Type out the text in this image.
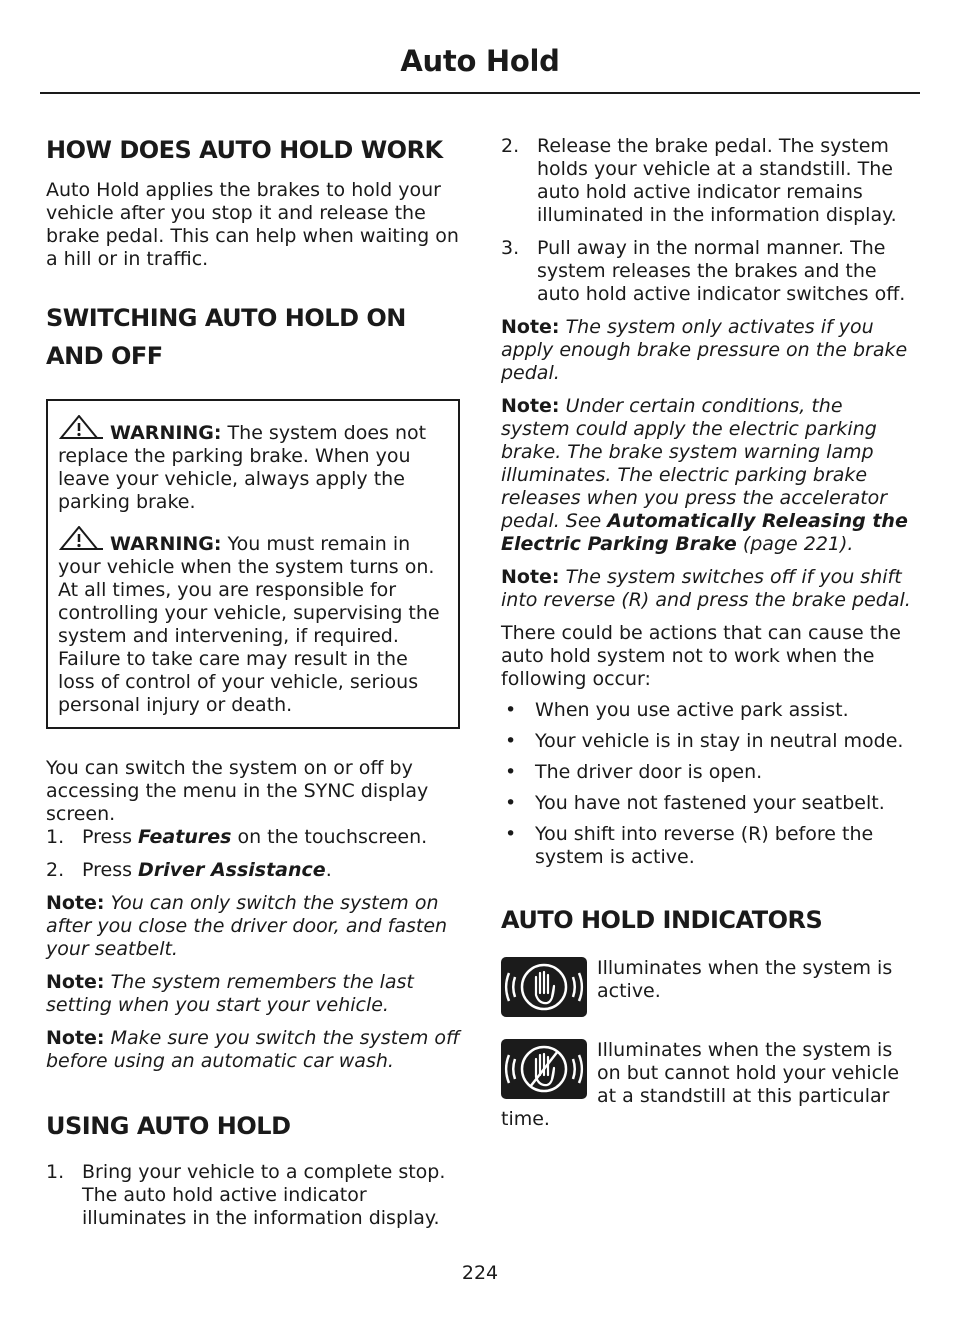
Auto Hold
HOW DOES AUTO HOLD WORK

Auto Hold applies the brakes to hold your vehicle after you stop it and release the brake pedal. This can help when waiting on a hill or in traffic.

SWITCHING AUTO HOLD ON
AND OFF

WARNING: The system does not replace the parking brake. When you leave your vehicle, always apply the parking brake.

WARNING: You must remain in your vehicle when the system turns on. At all times, you are responsible for controlling your vehicle, supervising the system and intervening, if required. Failure to take care may result in the loss of control of your vehicle, serious personal injury or death.

You can switch the system on or off by accessing the menu in the SYNC display screen.

1. Press Features on the touchscreen.
2. Press Driver Assistance.

Note: You can only switch the system on after you close the driver door, and fasten your seatbelt.

Note: The system remembers the last setting when you start your vehicle.

Note: Make sure you switch the system off before using an automatic car wash.

USING AUTO HOLD
1. Bring your vehicle to a complete stop. The auto hold active indicator illuminates in the information display.
2. Release the brake pedal. The system holds your vehicle at a standstill. The auto hold active indicator remains illuminated in the information display.
3. Pull away in the normal manner. The system releases the brakes and the auto hold active indicator switches off.

Note: The system only activates if you apply enough brake pressure on the brake pedal.

Note: Under certain conditions, the system could apply the electric parking brake. The brake system warning lamp illuminates. The electric parking brake releases when you press the accelerator pedal. See Automatically Releasing the Electric Parking Brake (page 221).

Note: The system switches off if you shift into reverse (R) and press the brake pedal.

There could be actions that can cause the auto hold system not to work when the following occur:

• When you use active park assist.
• Your vehicle is in stay in neutral mode.
• The driver door is open.
• You have not fastened your seatbelt.
• You shift into reverse (R) before the system is active.
AUTO HOLD INDICATORS

Illuminates when the system is active.

Illuminates when the system is on but cannot hold your vehicle at a standstill at this particular time.

224
